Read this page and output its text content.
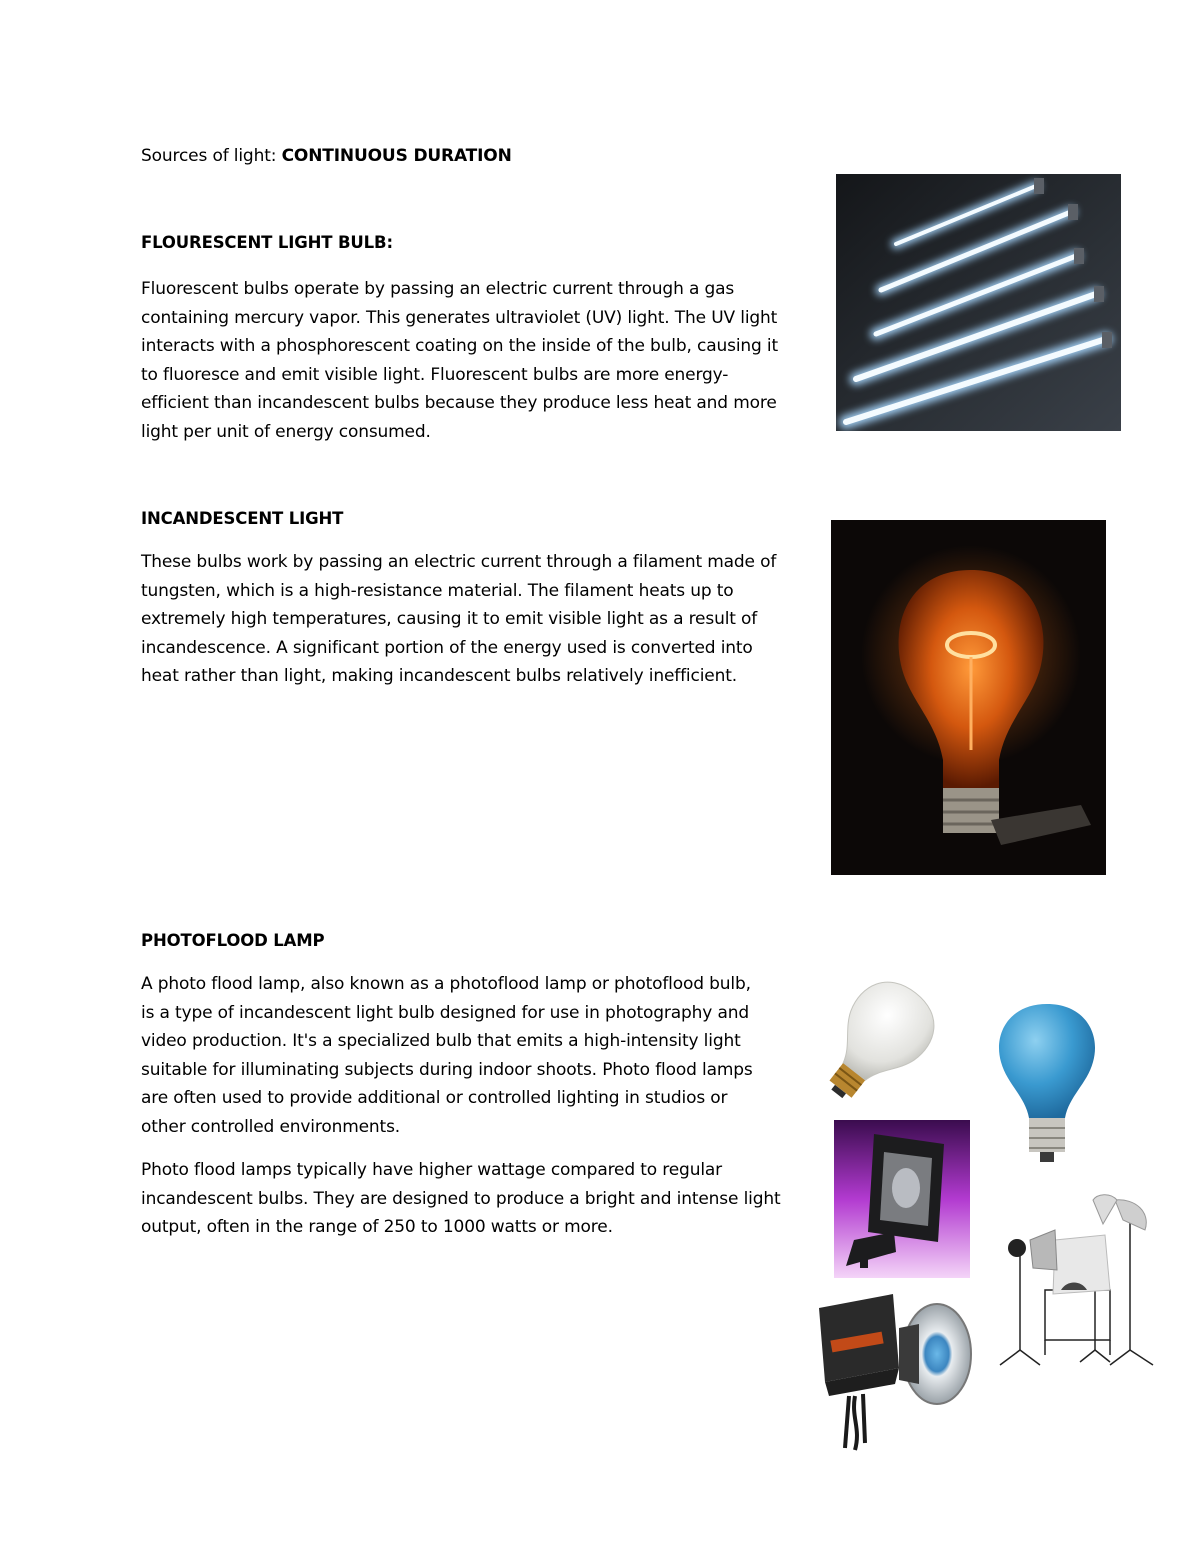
Sources of light: CONTINUOUS DURATION
FLOURESCENT LIGHT BULB:
Fluorescent bulbs operate by passing an electric current through a gas
containing mercury vapor. This generates ultraviolet (UV) light. The UV light
interacts with a phosphorescent coating on the inside of the bulb, causing it
to fluoresce and emit visible light. Fluorescent bulbs are more energy-
efficient than incandescent bulbs because they produce less heat and more
light per unit of energy consumed.
INCANDESCENT LIGHT
These bulbs work by passing an electric current through a filament made of
tungsten, which is a high-resistance material. The filament heats up to
extremely high temperatures, causing it to emit visible light as a result of
incandescence. A significant portion of the energy used is converted into
heat rather than light, making incandescent bulbs relatively inefficient.
PHOTOFLOOD LAMP
A photo flood lamp, also known as a photoflood lamp or photoflood bulb,
is a type of incandescent light bulb designed for use in photography and
video production. It's a specialized bulb that emits a high-intensity light
suitable for illuminating subjects during indoor shoots. Photo flood lamps
are often used to provide additional or controlled lighting in studios or
other controlled environments.
Photo flood lamps typically have higher wattage compared to regular
incandescent bulbs. They are designed to produce a bright and intense light
output, often in the range of 250 to 1000 watts or more.
